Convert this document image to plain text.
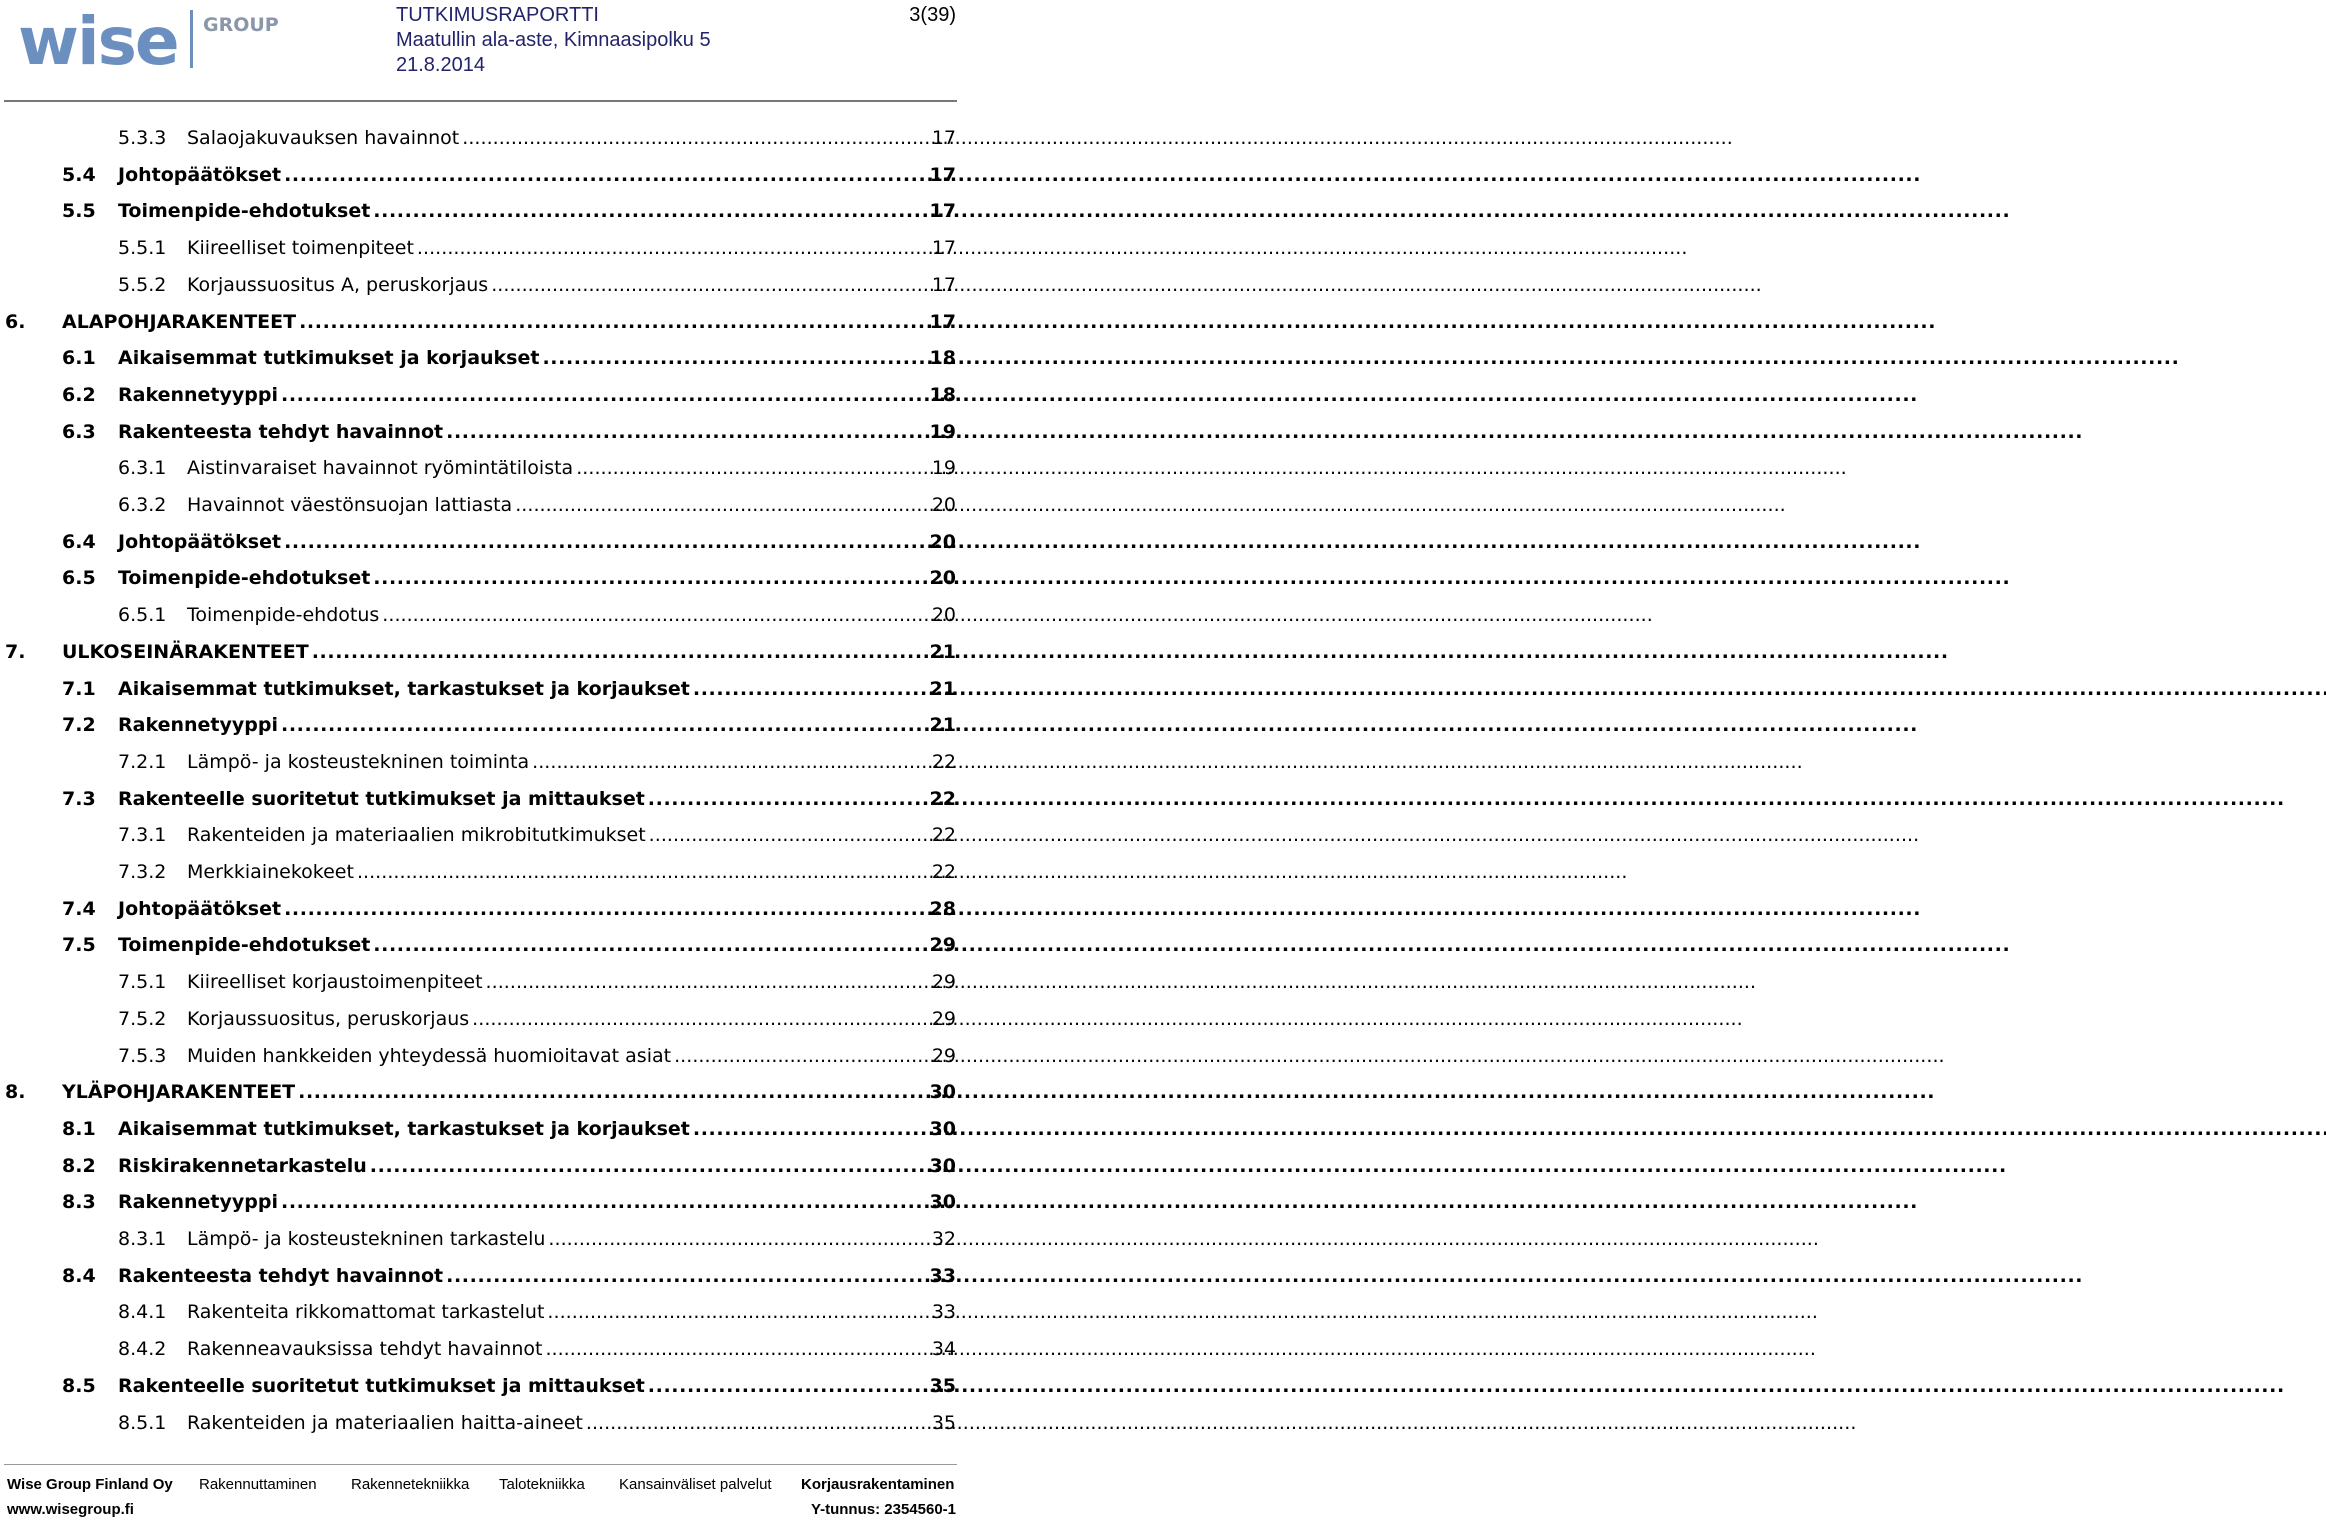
wise GROUP	TUTKIMUSRAPORTTI
Maatullin ala-aste, Kimnaasipolku 5
21.8.2014
3(39)
5.3.3 Salaojakuvauksen havainnot . . .	17
5.4 Johtopäätökset . . .	17
5.5 Toimenpide-ehdotukset . . .	17
5.5.1 Kiireelliset toimenpiteet . . .	17
5.5.2 Korjaussuositus A, peruskorjaus . . .	17
6. ALAPOHJARAKENTEET . . .	17
6.1 Aikaisemmat tutkimukset ja korjaukset . . .	18
6.2 Rakennetyyppi . . .	18
6.3 Rakenteesta tehdyt havainnot . . .	19
6.3.1 Aistinvaraiset havainnot ryömintätiloista . . .	19
6.3.2 Havainnot väestönsuojan lattiasta . . .	20
6.4 Johtopäätökset . . .	20
6.5 Toimenpide-ehdotukset . . .	20
6.5.1 Toimenpide-ehdotus . . .	20
7. ULKOSEINÄRAKENTEET . . .	21
7.1 Aikaisemmat tutkimukset, tarkastukset ja korjaukset . . .	21
7.2 Rakennetyyppi . . .	21
7.2.1 Lämpö- ja kosteustekninen toiminta . . .	22
7.3 Rakenteelle suoritetut tutkimukset ja mittaukset . . .	22
7.3.1 Rakenteiden ja materiaalien mikrobitutkimukset . . .	22
7.3.2 Merkkiainekokeet . . .	22
7.4 Johtopäätökset . . .	28
7.5 Toimenpide-ehdotukset . . .	29
7.5.1 Kiireelliset korjaustoimenpiteet . . .	29
7.5.2 Korjaussuositus, peruskorjaus . . .	29
7.5.3 Muiden hankkeiden yhteydessä huomioitavat asiat . . .	29
8. YLÄPOHJARAKENTEET . . .	30
8.1 Aikaisemmat tutkimukset, tarkastukset ja korjaukset . . .	30
8.2 Riskirakennetarkastelu . . .	30
8.3 Rakennetyyppi . . .	30
8.3.1 Lämpö- ja kosteustekninen tarkastelu . . .	32
8.4 Rakenteesta tehdyt havainnot . . .	33
8.4.1 Rakenteita rikkomattomat tarkastelut . . .	33
8.4.2 Rakenneavauksissa tehdyt havainnot . . .	34
8.5 Rakenteelle suoritetut tutkimukset ja mittaukset . . .	35
8.5.1 Rakenteiden ja materiaalien haitta-aineet . . .	35
Wise Group Finland Oy Rakennuttaminen Rakennetekniikka Talotekniikka Kansainväliset palvelut Korjausrakentaminen
www.wisegroup.fi	Y-tunnus: 2354560-1
